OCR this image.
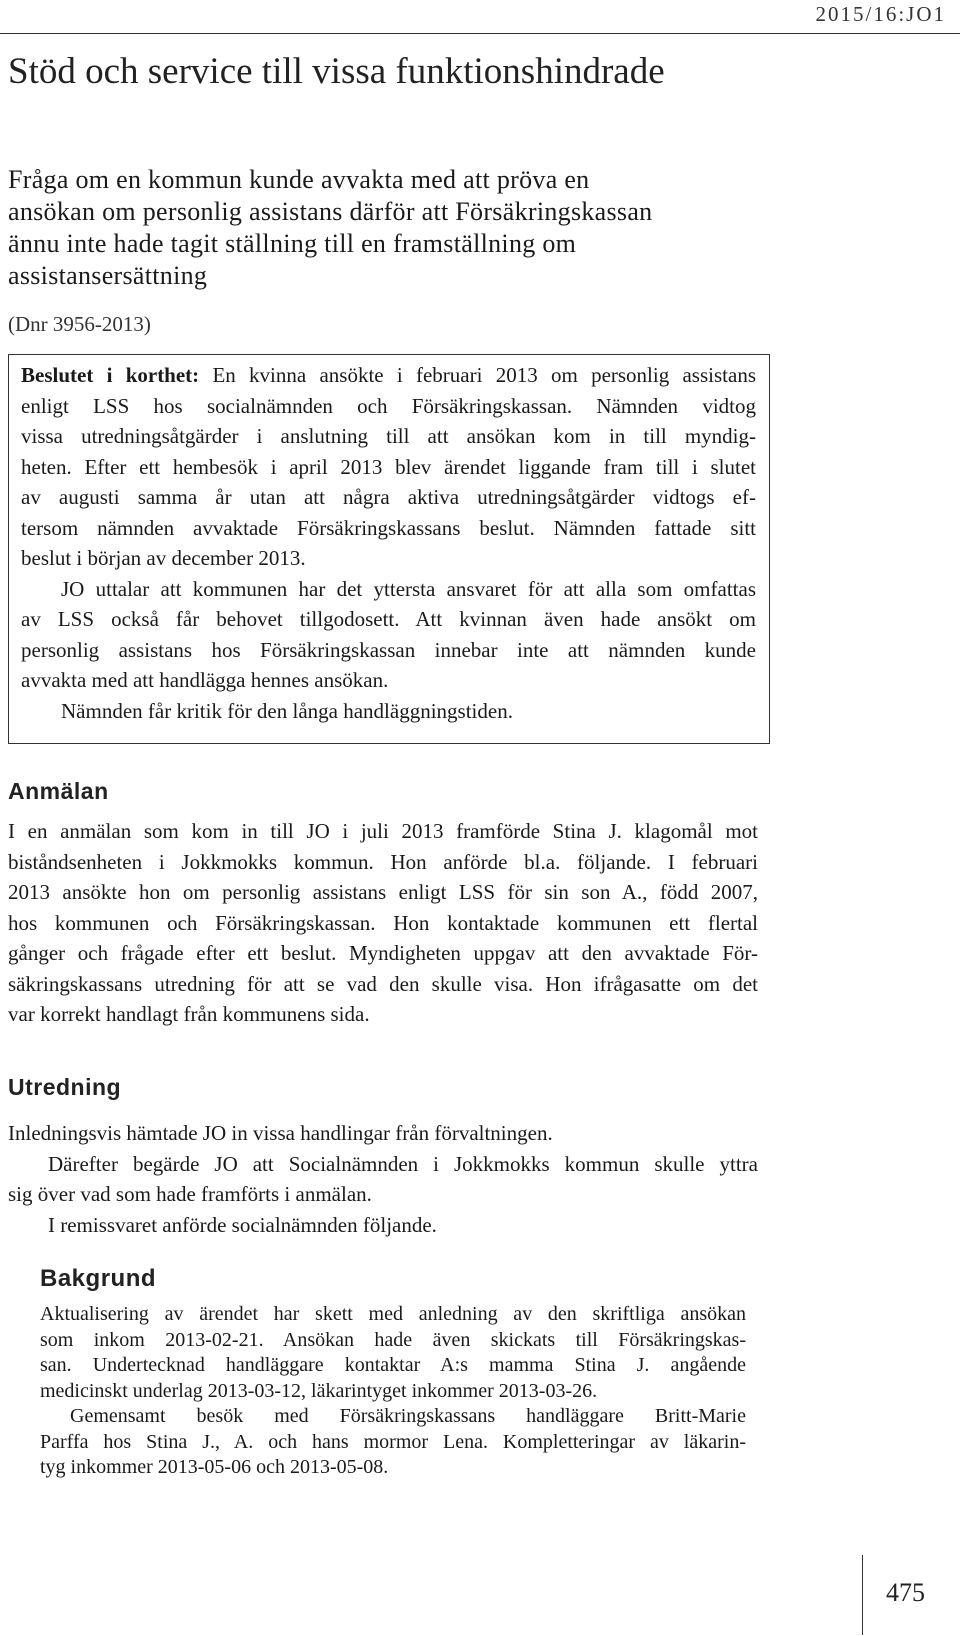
2015/16:JO1
Stöd och service till vissa funktionshindrade
Fråga om en kommun kunde avvakta med att pröva en
ansökan om personlig assistans därför att Försäkringskassan
ännu inte hade tagit ställning till en framställning om
assistansersättning
(Dnr 3956-2013)
Beslutet i korthet: En kvinna ansökte i februari 2013 om personlig assistans
enligt LSS hos socialnämnden och Försäkringskassan. Nämnden vidtog
vissa utredningsåtgärder i anslutning till att ansökan kom in till myndig-
heten. Efter ett hembesök i april 2013 blev ärendet liggande fram till i slutet
av augusti samma år utan att några aktiva utredningsåtgärder vidtogs ef-
tersom nämnden avvaktade Försäkringskassans beslut. Nämnden fattade sitt
beslut i början av december 2013.
JO uttalar att kommunen har det yttersta ansvaret för att alla som omfattas
av LSS också får behovet tillgodosett. Att kvinnan även hade ansökt om
personlig assistans hos Försäkringskassan innebar inte att nämnden kunde
avvakta med att handlägga hennes ansökan.
Nämnden får kritik för den långa handläggningstiden.
Anmälan
I en anmälan som kom in till JO i juli 2013 framförde Stina J. klagomål mot
biståndsenheten i Jokkmokks kommun. Hon anförde bl.a. följande. I februari
2013 ansökte hon om personlig assistans enligt LSS för sin son A., född 2007,
hos kommunen och Försäkringskassan. Hon kontaktade kommunen ett flertal
gånger och frågade efter ett beslut. Myndigheten uppgav att den avvaktade För-
säkringskassans utredning för att se vad den skulle visa. Hon ifrågasatte om det
var korrekt handlagt från kommunens sida.
Utredning
Inledningsvis hämtade JO in vissa handlingar från förvaltningen.
Därefter begärde JO att Socialnämnden i Jokkmokks kommun skulle yttra
sig över vad som hade framförts i anmälan.
I remissvaret anförde socialnämnden följande.
Bakgrund
Aktualisering av ärendet har skett med anledning av den skriftliga ansökan
som inkom 2013-02-21. Ansökan hade även skickats till Försäkringskas-
san. Undertecknad handläggare kontaktar A:s mamma Stina J. angående
medicinskt underlag 2013-03-12, läkarintyget inkommer 2013-03-26.
Gemensamt besök med Försäkringskassans handläggare Britt-Marie
Parffa hos Stina J., A. och hans mormor Lena. Kompletteringar av läkarin-
tyg inkommer 2013-05-06 och 2013-05-08.
475
